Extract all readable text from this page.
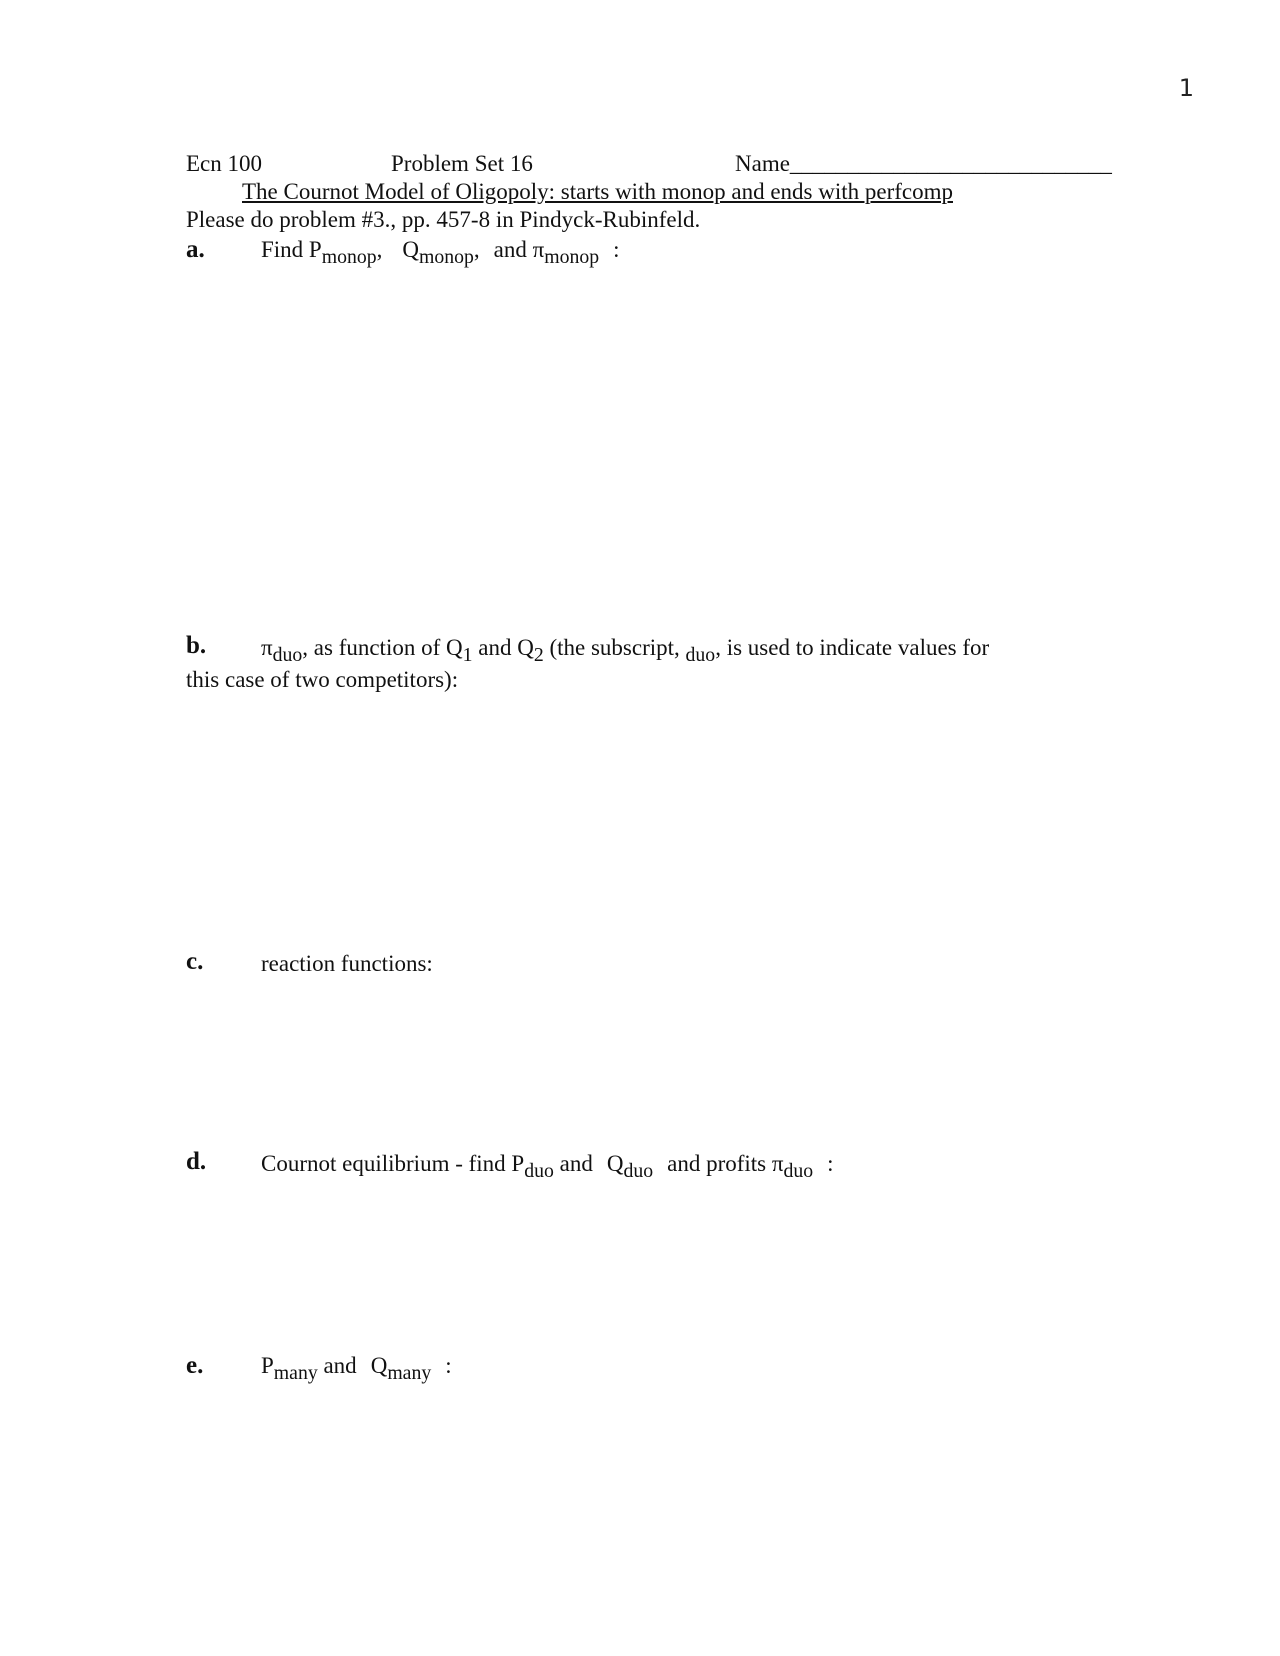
1
Ecn 100	Problem Set 16	Name____________________________
The Cournot Model of Oligopoly: starts with monop and ends with perfcomp
Please do problem #3., pp. 457-8 in Pindyck-Rubinfeld.
a. Find $P_{monop}$, $Q_{monop}$, and $\pi_{monop}$ :
b. $\pi_{duo}$, as function of $Q_1$ and $Q_2$ (the subscript, $_{duo}$, is used to indicate values for
this case of two competitors):
c.	reaction functions:
d. Cournot equilibrium - find $P_{duo}$ and $Q_{duo}$ and profits $\pi_{duo}$ :
e.	$P_{many}$ and $Q_{many}$ :
